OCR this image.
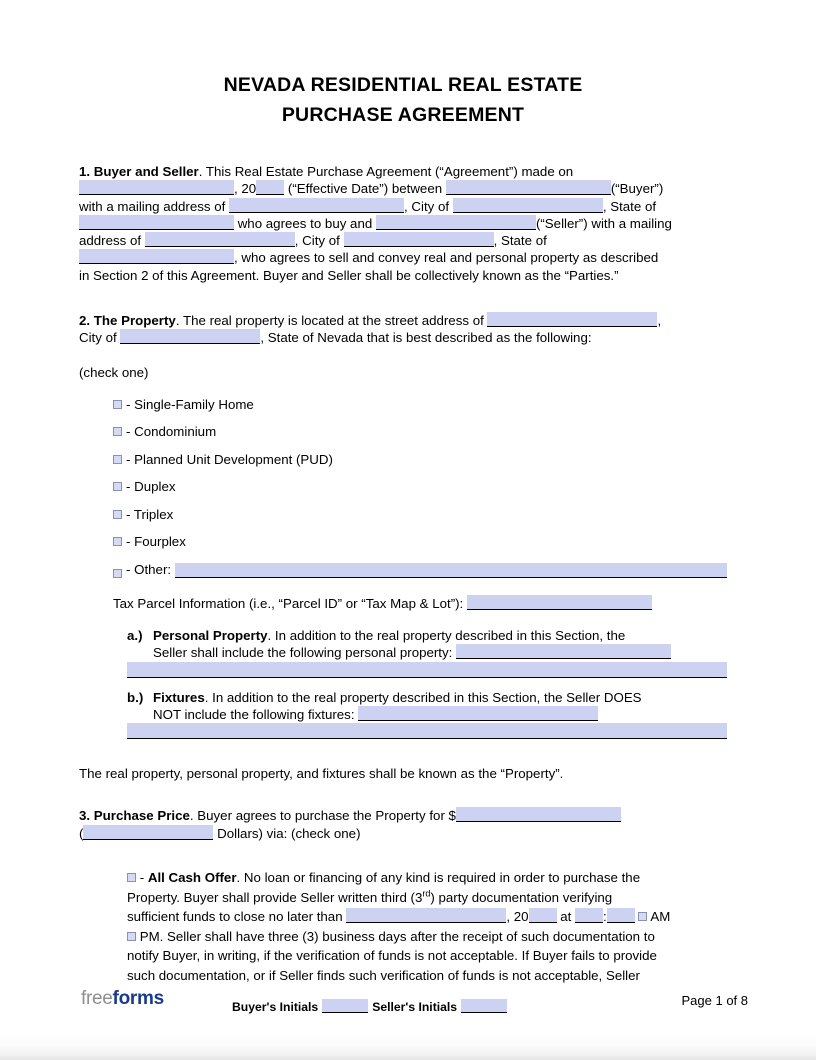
NEVADA RESIDENTIAL REAL ESTATE
PURCHASE AGREEMENT
1. Buyer and Seller. This Real Estate Purchase Agreement (“Agreement”) made on
, 20 (“Effective Date”) between	(“Buyer”)
with a mailing address of	, City of	, State of
who agrees to buy and	(“Seller”) with a mailing
address of	, City of	, State of
, who agrees to sell and convey real and personal property as described
in Section 2 of this Agreement. Buyer and Seller shall be collectively known as the “Parties.”
2. The Property. The real property is located at the street address of	,
City of	, State of Nevada that is best described as the following:
(check one)
- Single-Family Home
- Condominium
- Planned Unit Development (PUD)
- Duplex
- Triplex
- Fourplex
- Other:
Tax Parcel Information (i.e., “Parcel ID” or “Tax Map & Lot”):
a.) Personal Property. In addition to the real property described in this Section, the
Seller shall include the following personal property:
b.) Fixtures. In addition to the real property described in this Section, the Seller DOES
NOT include the following fixtures:
The real property, personal property, and fixtures shall be known as the “Property”.
3. Purchase Price. Buyer agrees to purchase the Property for $
(	Dollars) via: (check one)
- All Cash Offer. No loan or financing of any kind is required in order to purchase the
Property. Buyer shall provide Seller written third (3rd) party documentation verifying
sufficient funds to close no later than	, 20 at :	AM
PM. Seller shall have three (3) business days after the receipt of such documentation to
notify Buyer, in writing, if the verification of funds is not acceptable. If Buyer fails to provide
such documentation, or if Seller finds such verification of funds is not acceptable, Seller
freeforms	Buyer's Initials	Seller's Initials	Page 1 of 8
